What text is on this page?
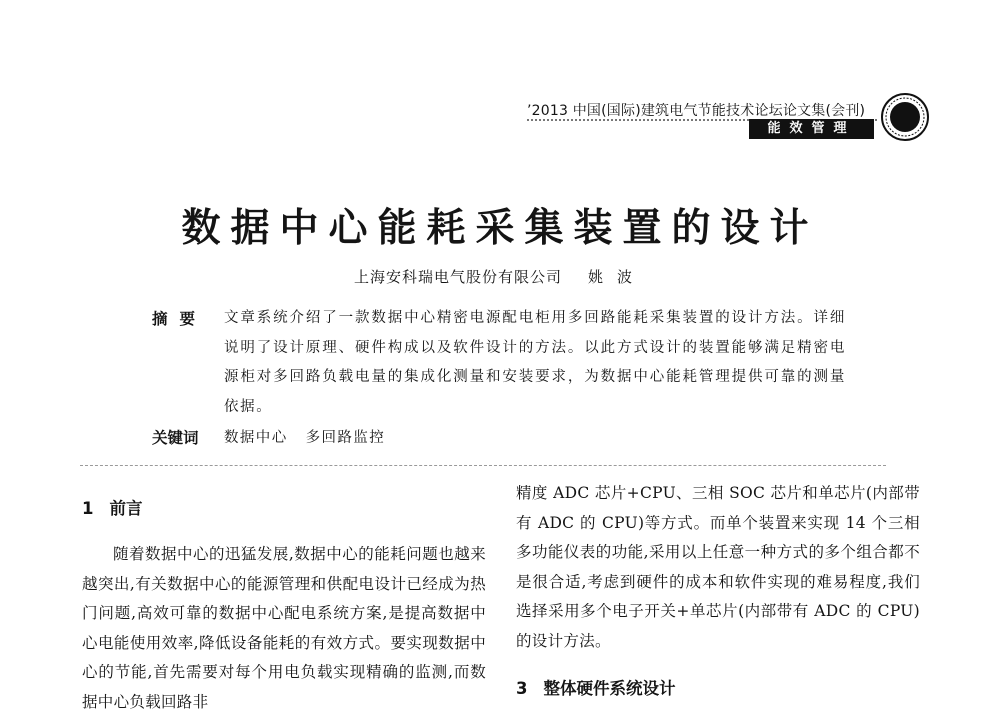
’2013 中国(国际)建筑电气节能技术论坛论文集(会刊)
能效管理
数据中心能耗采集装置的设计
上海安科瑞电气股份有限公司 姚波
摘要 文章系统介绍了一款数据中心精密电源配电柜用多回路能耗采集装置的设计方法。详细说明了设计原理、硬件构成以及软件设计的方法。以此方式设计的装置能够满足精密电源柜对多回路负载电量的集成化测量和安装要求，为数据中心能耗管理提供可靠的测量依据。
关键词 数据中心 多回路监控
1 前言
随着数据中心的迅猛发展,数据中心的能耗问题也越来越突出,有关数据中心的能源管理和供配电设计已经成为热门问题,高效可靠的数据中心配电系统方案,是提高数据中心电能使用效率,降低设备能耗的有效方式。要实现数据中心的节能,首先需要对每个用电负载实现精确的监测,而数据中心负载回路非
精度 ADC 芯片+CPU、三相 SOC 芯片和单芯片(内部带有 ADC 的 CPU)等方式。而单个装置来实现 14 个三相多功能仪表的功能,采用以上任意一种方式的多个组合都不是很合适,考虑到硬件的成本和软件实现的难易程度,我们选择采用多个电子开关+单芯片(内部带有 ADC 的 CPU)的设计方法。
3 整体硬件系统设计
